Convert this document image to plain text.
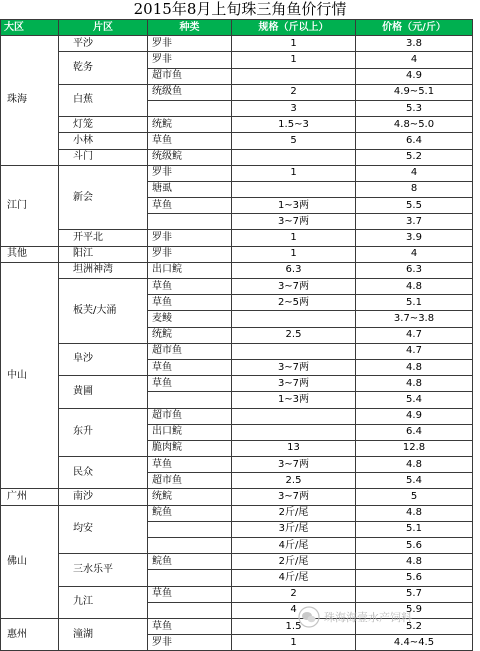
2015年8月上旬珠三角鱼价行情
大区	片区	种类	规格（斤以上）	价格（元/斤）
珠海	平沙	罗非	1	3.8
	乾务	罗非	1	4
		超市鱼		4.9
	白蕉	统级鱼	2	4.9~5.1
			3	5.3
	灯笼	统鲩	1.5~3	4.8~5.0
	小林	草鱼	5	6.4
	斗门	统级鲩		5.2
江门	新会	罗非	1	4
		塘虱		8
		草鱼	1~3两	5.5
			3~7两	3.7
	开平北	罗非	1	3.9
其他	阳江	罗非	1	4
中山	坦洲神湾	出口鲩	6.3	6.3
	板芙/大涌	草鱼	3~7两	4.8
		草鱼	2~5两	5.1
		麦鲮		3.7~3.8
		统鲩	2.5	4.7
	阜沙	超市鱼		4.7
		草鱼	3~7两	4.8
	黄圃	草鱼	3~7两	4.8
			1~3两	5.4
	东升	超市鱼		4.9
		出口鲩		6.4
		脆肉鲩	13	12.8
	民众	草鱼	3~7两	4.8
		超市鱼	2.5	5.4
广州	南沙	统鲩	3~7两	5
佛山	均安	鲩鱼	2斤/尾	4.8
			3斤/尾	5.1
			4斤/尾	5.6
	三水乐平	鲩鱼	2斤/尾	4.8
			4斤/尾	5.6
	九江	草鱼	2	5.7
			4	5.9
惠州	潼湖	草鱼	1.5	5.2
		罗非	1	4.4~4.5
珠海海壹水产饲料
